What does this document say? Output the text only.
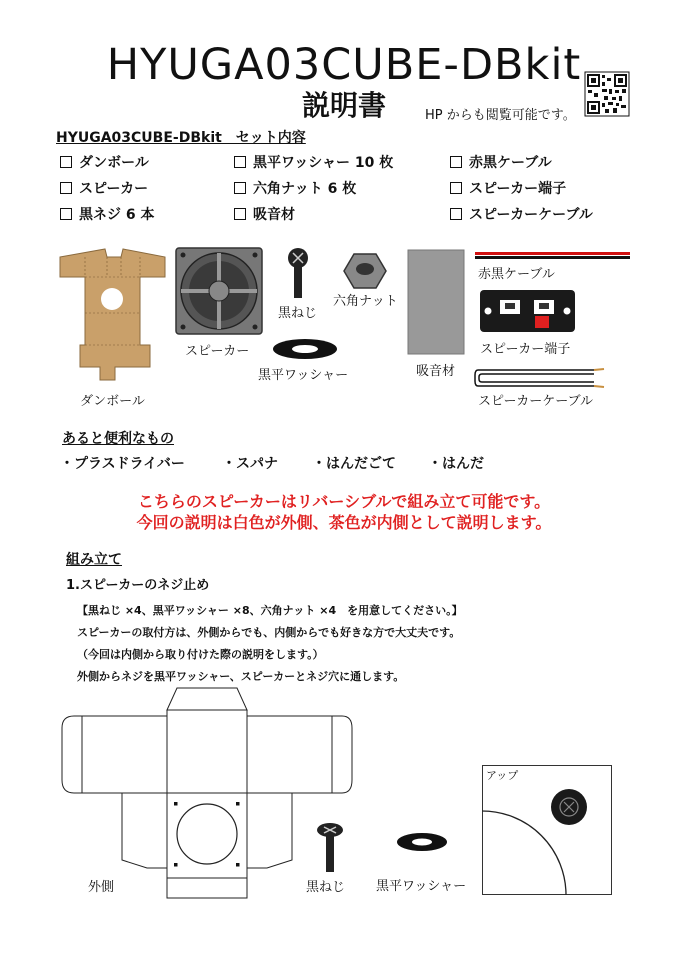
HYUGA03CUBE-DBkit
説明書	HP からも閲覧可能です。
HYUGA03CUBE-DBkit　セット内容
ダンボール	黒平ワッシャー 10 枚	赤黒ケーブル
スピーカー	六角ナット 6 枚	スピーカー端子
黒ネジ 6 本	吸音材	スピーカーケーブル
ダンボール
スピーカー
黒ねじ
六角ナット
黒平ワッシャー	吸音材
赤黒ケーブル
スピーカー端子
スピーカーケーブル
あると便利なもの
・プラスドライバー	・スパナ ・はんだごて ・はんだ
こちらのスピーカーはリバーシブルで組み立て可能です。
今回の説明は白色が外側、茶色が内側として説明します。
組み立て
1.スピーカーのネジ止め
【黒ねじ ×4、黒平ワッシャー ×8、六角ナット ×4　を用意してください。】
スピーカーの取付方は、外側からでも、内側からでも好きな方で大丈夫です。
（今回は内側から取り付けた際の説明をします。）
外側からネジを黒平ワッシャー、スピーカーとネジ穴に通します。
外側	黒ねじ 黒平ワッシャー
アップ
